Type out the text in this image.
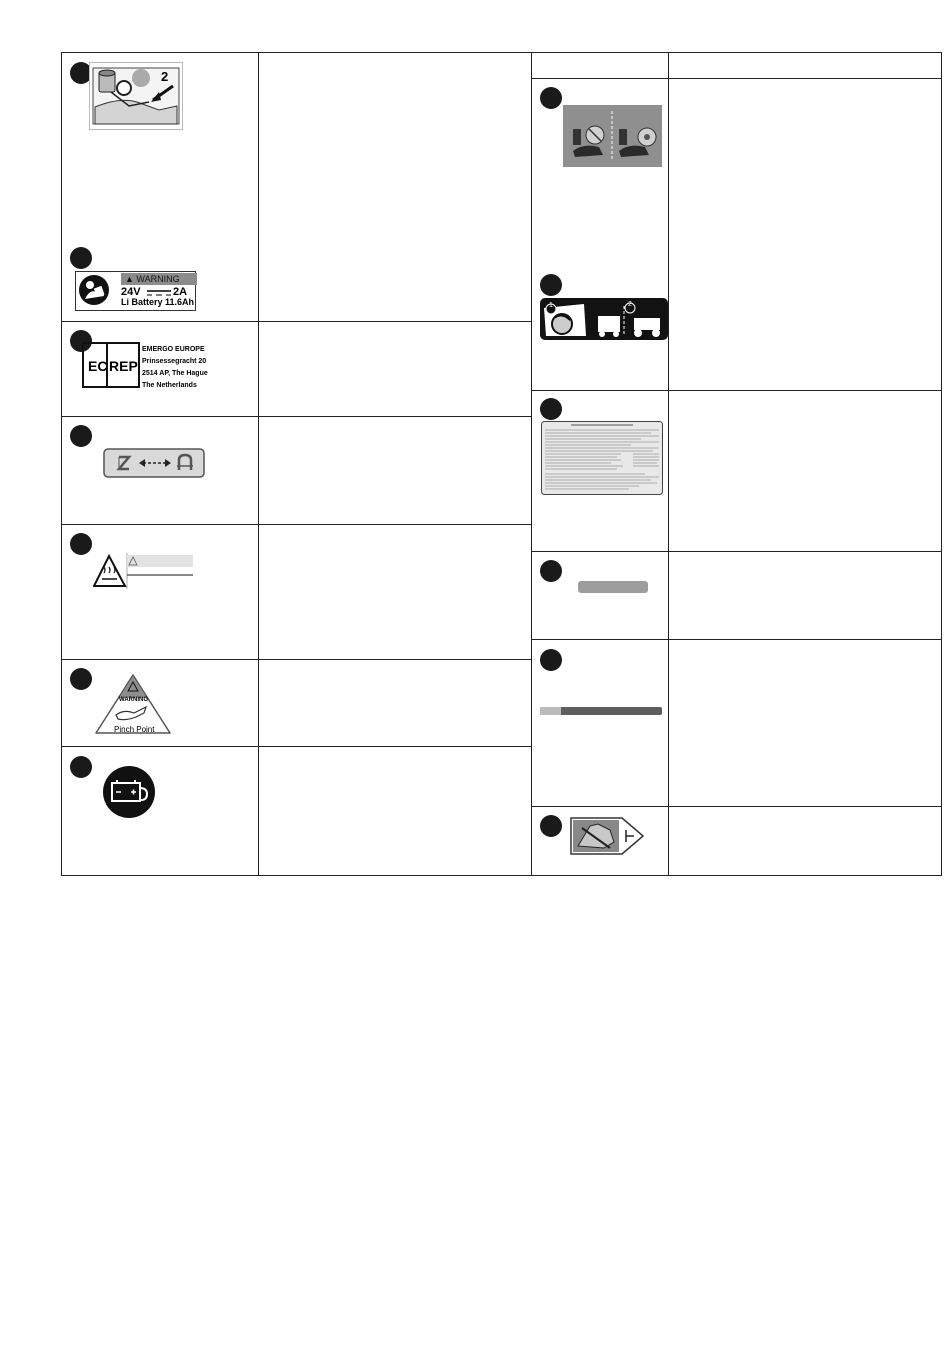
2
▲ WARNING
24V	2A
Li Battery 11.6Ah
EC REP
EMERGO EUROPE
Prinsessegracht 20
2514 AP, The Hague
The Netherlands
WARNING
Pinch Point
1	2
